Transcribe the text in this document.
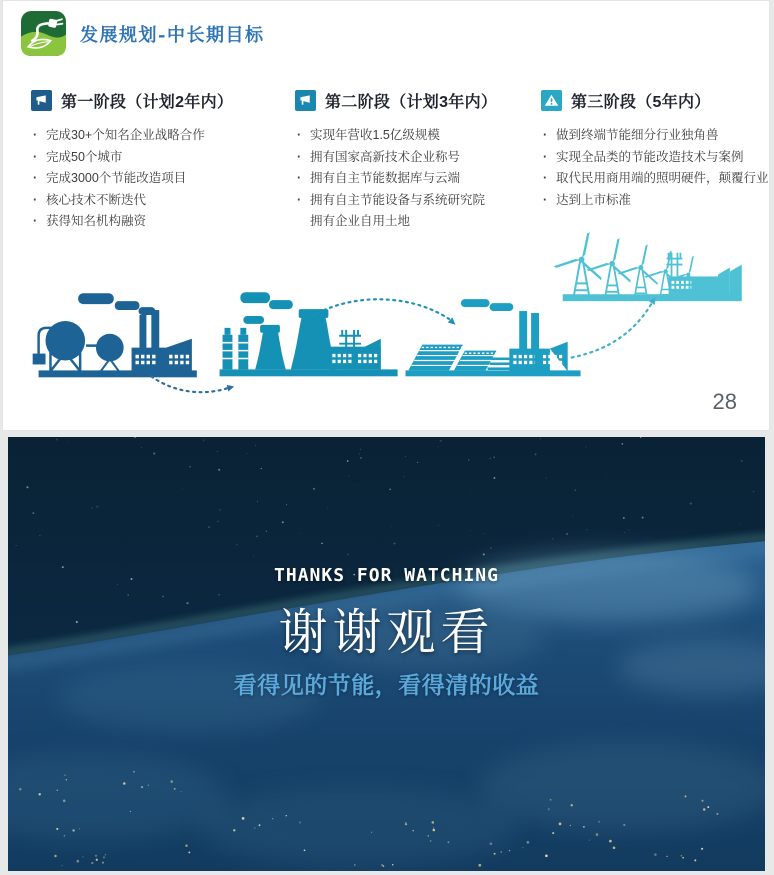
发展规划-中长期目标
第一阶段（计划2年内）
· 完成30+个知名企业战略合作
· 完成50个城市
· 完成3000个节能改造项目
· 核心技术不断迭代
· 获得知名机构融资
第二阶段（计划3年内）
· 实现年营收1.5亿级规模
· 拥有国家高新技术企业称号
· 拥有自主节能数据库与云端
· 拥有自主节能设备与系统研究院
拥有企业自用土地
第三阶段（5年内）
· 做到终端节能细分行业独角兽
· 实现全品类的节能改造技术与案例
· 取代民用商用端的照明硬件，颠覆行业
· 达到上市标准
28
THANKS FOR WATCHING
谢谢观看
看得见的节能，看得清的收益
